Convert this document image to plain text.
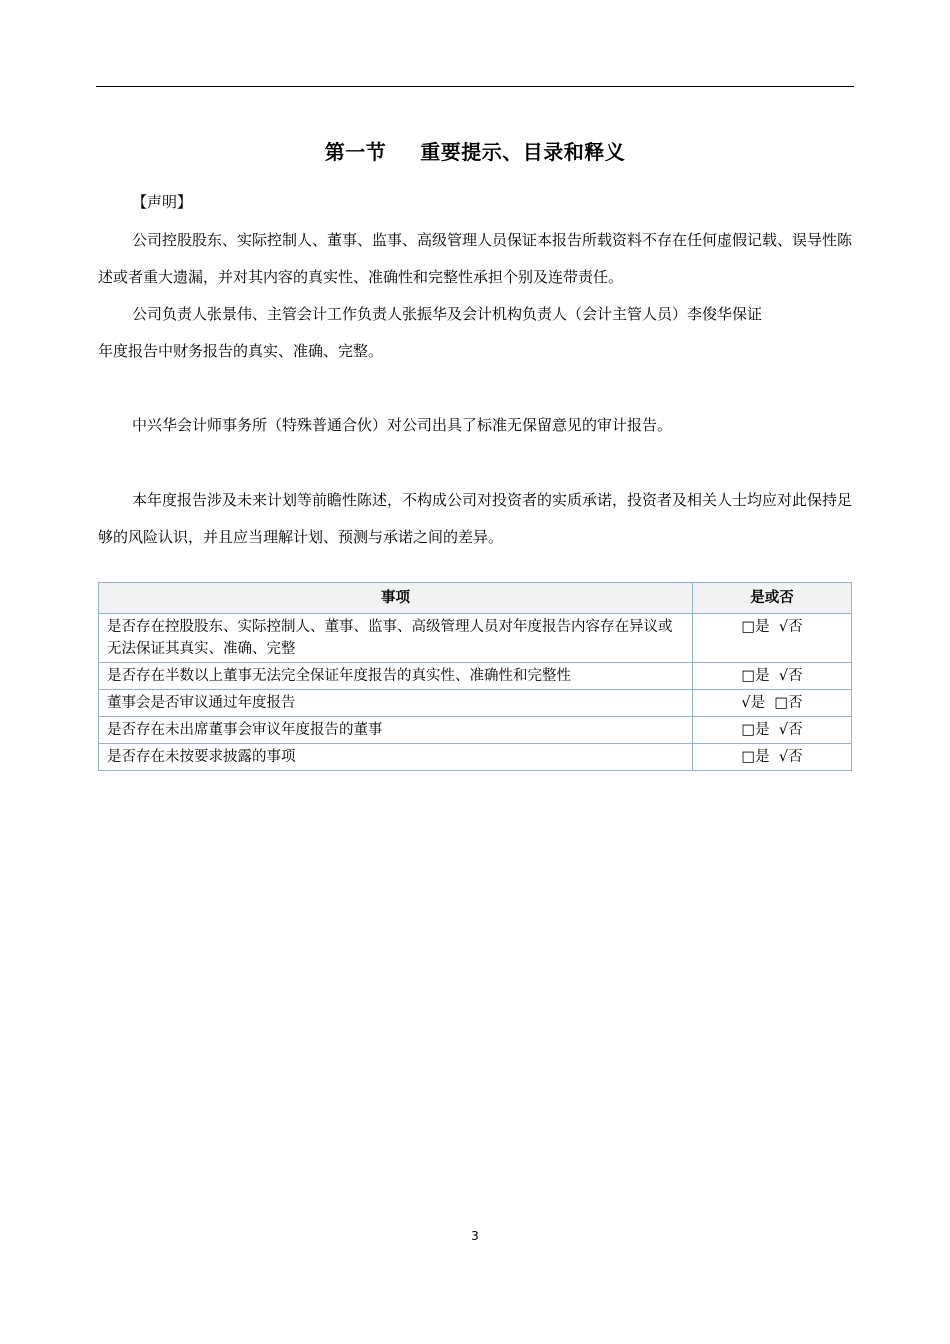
第一节 重要提示、目录和释义

【声明】

公司控股股东、实际控制人、董事、监事、高级管理人员保证本报告所载资料不存在任何虚假记载、误导性陈述或者重大遗漏，并对其内容的真实性、准确性和完整性承担个别及连带责任。

公司负责人张景伟、主管会计工作负责人张振华及会计机构负责人（会计主管人员）李俊华保证
年度报告中财务报告的真实、准确、完整。

中兴华会计师事务所（特殊普通合伙）对公司出具了标准无保留意见的审计报告。

本年度报告涉及未来计划等前瞻性陈述，不构成公司对投资者的实质承诺，投资者及相关人士均应对此保持足够的风险认识，并且应当理解计划、预测与承诺之间的差异。

事项	是或否
是否存在控股股东、实际控制人、董事、监事、高级管理人员对年度报告内容存在异议或无法保证其真实、准确、完整	□是  √否
是否存在半数以上董事无法完全保证年度报告的真实性、准确性和完整性	□是  √否
董事会是否审议通过年度报告	√是  □否
是否存在未出席董事会审议年度报告的董事	□是  √否
是否存在未按要求披露的事项	□是  √否
3
